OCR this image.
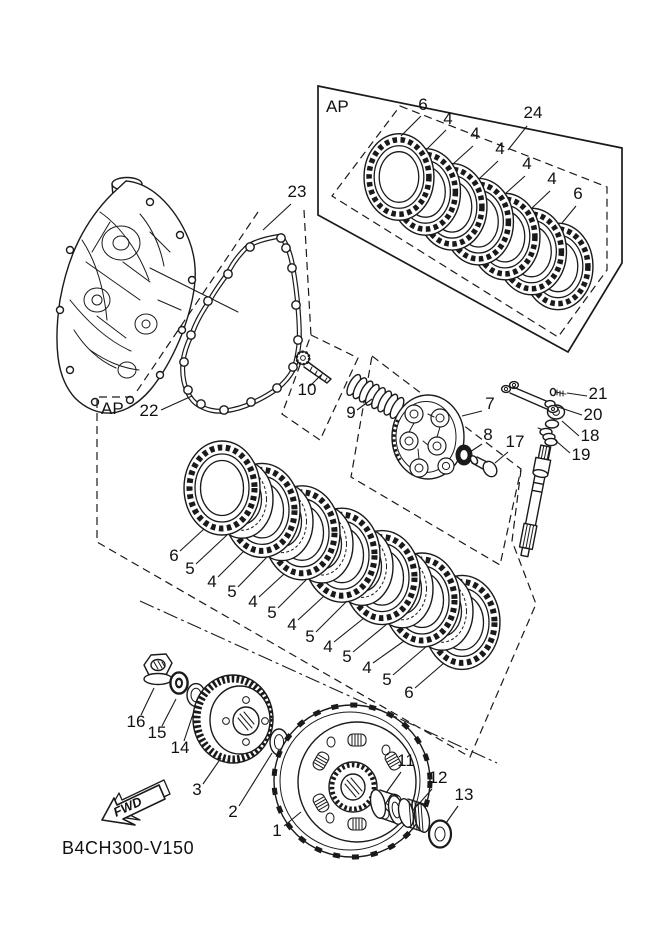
AP
AP
FWD
B4CH300-V150
6
4
4
4
4
4
6
24
23
22
10
9	7
8 17
21
20
18
19
6
5
4
5
4
5
4
5
4
5
4
5
6
16
15
14
3
2
1
11
12
13
